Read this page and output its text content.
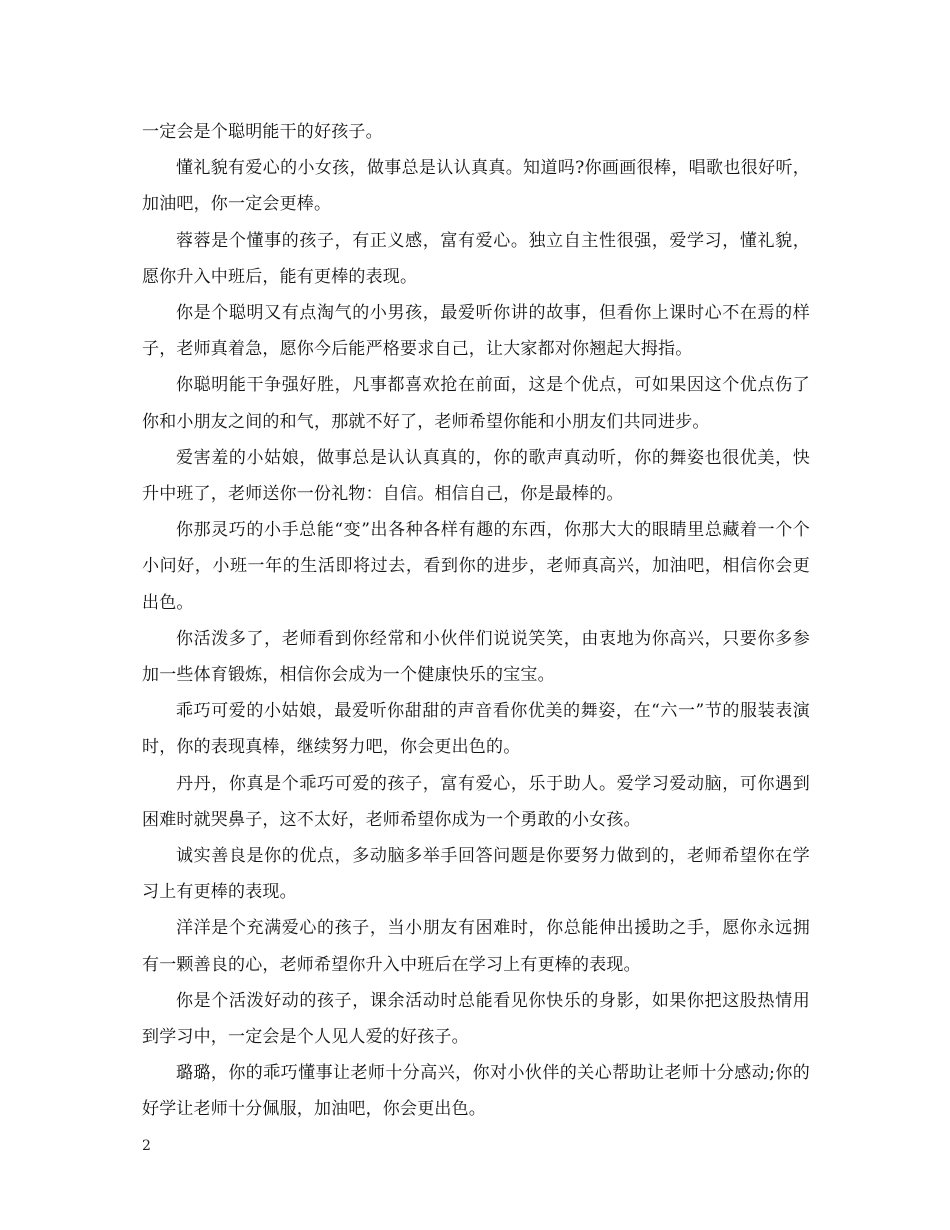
一定会是个聪明能干的好孩子。

懂礼貌有爱心的小女孩，做事总是认认真真。知道吗?你画画很棒，唱歌也很好听，加油吧，你一定会更棒。

蓉蓉是个懂事的孩子，有正义感，富有爱心。独立自主性很强，爱学习，懂礼貌，愿你升入中班后，能有更棒的表现。

你是个聪明又有点淘气的小男孩，最爱听你讲的故事，但看你上课时心不在焉的样子，老师真着急，愿你今后能严格要求自己，让大家都对你翘起大拇指。

你聪明能干争强好胜，凡事都喜欢抢在前面，这是个优点，可如果因这个优点伤了你和小朋友之间的和气，那就不好了，老师希望你能和小朋友们共同进步。

爱害羞的小姑娘，做事总是认认真真的，你的歌声真动听，你的舞姿也很优美，快升中班了，老师送你一份礼物：自信。相信自己，你是最棒的。

你那灵巧的小手总能“变”出各种各样有趣的东西，你那大大的眼睛里总藏着一个个小问好，小班一年的生活即将过去，看到你的进步，老师真高兴，加油吧，相信你会更出色。

你活泼多了，老师看到你经常和小伙伴们说说笑笑，由衷地为你高兴，只要你多参加一些体育锻炼，相信你会成为一个健康快乐的宝宝。

乖巧可爱的小姑娘，最爱听你甜甜的声音看你优美的舞姿，在“六一”节的服装表演时，你的表现真棒，继续努力吧，你会更出色的。

丹丹，你真是个乖巧可爱的孩子，富有爱心，乐于助人。爱学习爱动脑，可你遇到困难时就哭鼻子，这不太好，老师希望你成为一个勇敢的小女孩。

诚实善良是你的优点，多动脑多举手回答问题是你要努力做到的，老师希望你在学习上有更棒的表现。

洋洋是个充满爱心的孩子，当小朋友有困难时，你总能伸出援助之手，愿你永远拥有一颗善良的心，老师希望你升入中班后在学习上有更棒的表现。

你是个活泼好动的孩子，课余活动时总能看见你快乐的身影，如果你把这股热情用到学习中，一定会是个人见人爱的好孩子。

璐璐，你的乖巧懂事让老师十分高兴，你对小伙伴的关心帮助让老师十分感动;你的好学让老师十分佩服，加油吧，你会更出色。

2
